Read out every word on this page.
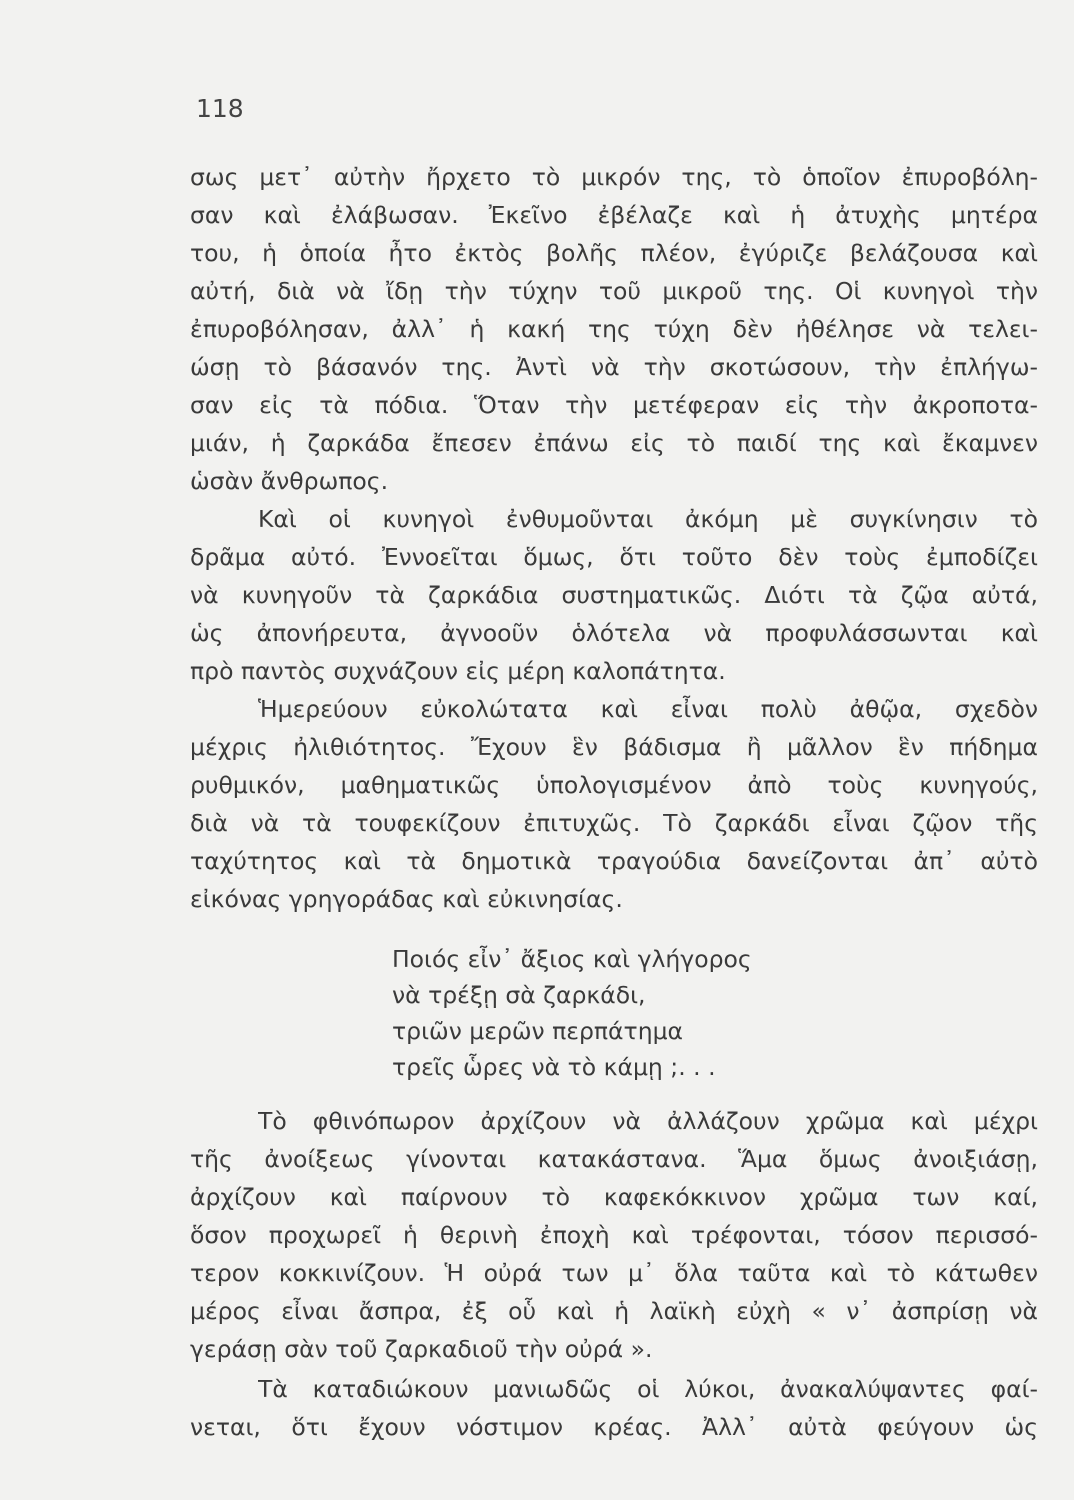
118
σως μετ᾽ αὐτὴν ἤρχετο τὸ μικρόν της, τὸ ὁποῖον ἐπυροβόλη-
σαν καὶ ἐλάβωσαν. Ἐκεῖνο ἐβέλαζε καὶ ἡ ἀτυχὴς μητέρα
του, ἡ ὁποία ἦτο ἐκτὸς βολῆς πλέον, ἐγύριζε βελάζουσα καὶ
αὐτή, διὰ νὰ ἴδῃ τὴν τύχην τοῦ μικροῦ της. Οἱ κυνηγοὶ τὴν
ἐπυροβόλησαν, ἀλλ᾽ ἡ κακή της τύχη δὲν ἠθέλησε νὰ τελει-
ώσῃ τὸ βάσανόν της. Ἀντὶ νὰ τὴν σκοτώσουν, τὴν ἐπλήγω-
σαν εἰς τὰ πόδια. Ὅταν τὴν μετέφεραν εἰς τὴν ἀκροποτα-
μιάν, ἡ ζαρκάδα ἔπεσεν ἐπάνω εἰς τὸ παιδί της καὶ ἔκαμνεν
ὡσὰν ἄνθρωπος.
Καὶ οἱ κυνηγοὶ ἐνθυμοῦνται ἀκόμη μὲ συγκίνησιν τὸ
δρᾶμα αὐτό. Ἐννοεῖται ὅμως, ὅτι τοῦτο δὲν τοὺς ἐμποδίζει
νὰ κυνηγοῦν τὰ ζαρκάδια συστηματικῶς. Διότι τὰ ζῷα αὐτά,
ὡς ἀπονήρευτα, ἀγνοοῦν ὁλότελα νὰ προφυλάσσωνται καὶ
πρὸ παντὸς συχνάζουν εἰς μέρη καλοπάτητα.
Ἡμερεύουν εὐκολώτατα καὶ εἶναι πολὺ ἀθῷα, σχεδὸν
μέχρις ἠλιθιότητος. Ἔχουν ἓν βάδισμα ἢ μᾶλλον ἓν πήδημα
ρυθμικόν, μαθηματικῶς ὑπολογισμένον ἀπὸ τοὺς κυνηγούς,
διὰ νὰ τὰ τουφεκίζουν ἐπιτυχῶς. Τὸ ζαρκάδι εἶναι ζῷον τῆς
ταχύτητος καὶ τὰ δημοτικὰ τραγούδια δανείζονται ἀπ᾽ αὐτὸ
εἰκόνας γρηγοράδας καὶ εὐκινησίας.
Ποιός εἶν᾽ ἄξιος καὶ γλήγορος
νὰ τρέξῃ σὰ ζαρκάδι,
τριῶν μερῶν περπάτημα
τρεῖς ὧρες νὰ τὸ κάμῃ ;. . .
Τὸ φθινόπωρον ἀρχίζουν νὰ ἀλλάζουν χρῶμα καὶ μέχρι
τῆς ἀνοίξεως γίνονται κατακάστανα. Ἅμα ὅμως ἀνοιξιάσῃ,
ἀρχίζουν καὶ παίρνουν τὸ καφεκόκκινον χρῶμα των καί,
ὅσον προχωρεῖ ἡ θερινὴ ἐποχὴ καὶ τρέφονται, τόσον περισσό-
τερον κοκκινίζουν. Ἡ οὐρά των μ᾽ ὅλα ταῦτα καὶ τὸ κάτωθεν
μέρος εἶναι ἄσπρα, ἐξ οὗ καὶ ἡ λαϊκὴ εὐχὴ « ν᾽ ἀσπρίσῃ νὰ
γεράσῃ σὰν τοῦ ζαρκαδιοῦ τὴν οὐρά ».
Τὰ καταδιώκουν μανιωδῶς οἱ λύκοι, ἀνακαλύψαντες φαί-
νεται, ὅτι ἔχουν νόστιμον κρέας. Ἀλλ᾽ αὐτὰ φεύγουν ὡς
